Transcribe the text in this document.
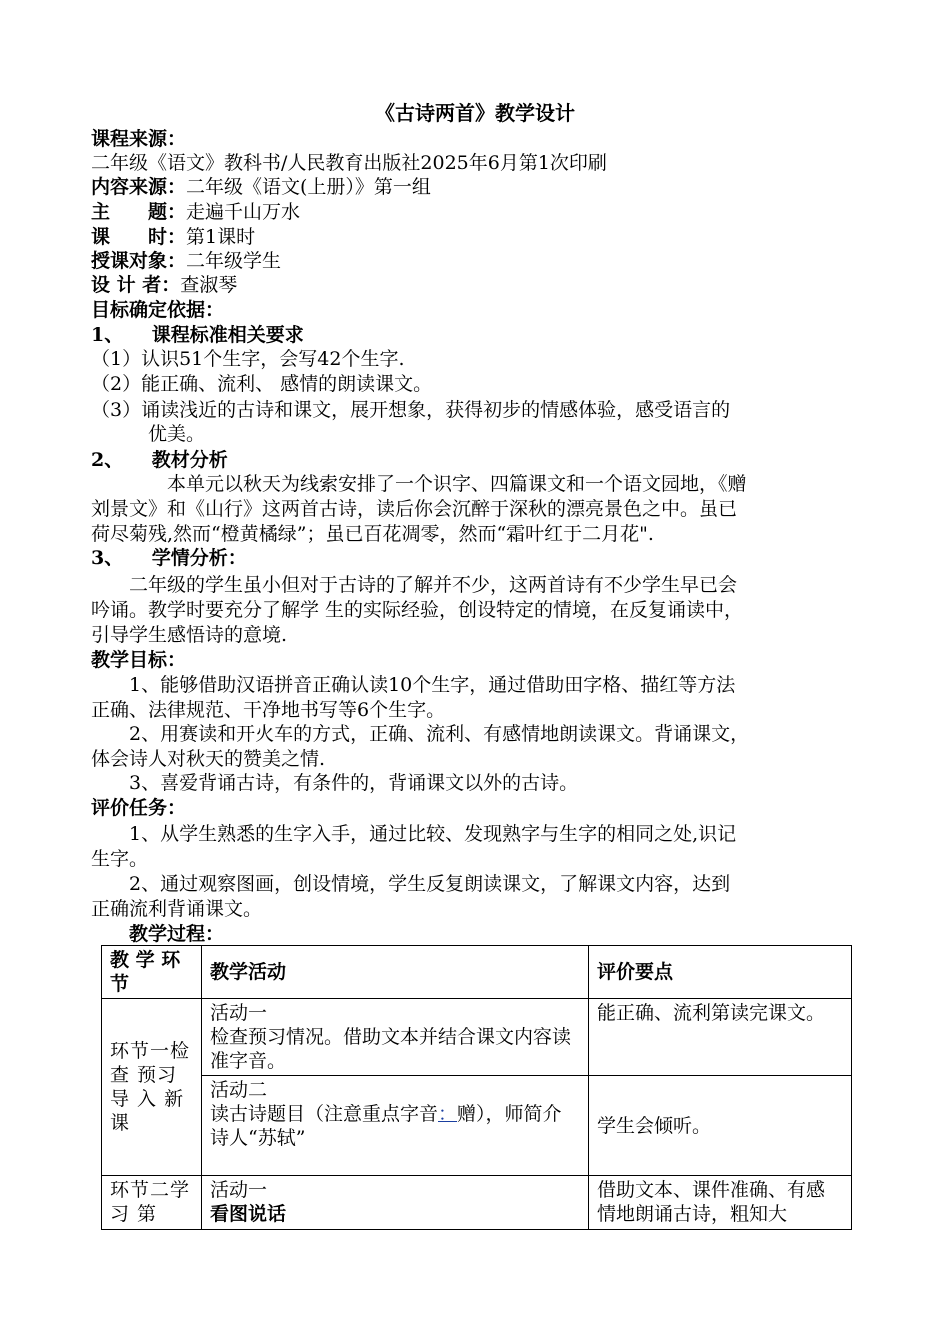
《古诗两首》教学设计
课程来源：
二年级《语文》教科书/人民教育出版社2025年6月第1次印刷
内容来源：二年级《语文(上册）》第一组
主　　题：走遍千山万水
课　　时：第1课时
授课对象：二年级学生
设 计 者：查淑琴
目标确定依据：
1、　　课程标准相关要求
（1）认识51个生字，会写42个生字.
（2）能正确、流利、 感情的朗读课文。
（3）诵读浅近的古诗和课文，展开想象，获得初步的情感体验，感受语言的
　　　优美。
2、　　教材分析
　　　　本单元以秋天为线索安排了一个识字、四篇课文和一个语文园地，《赠
刘景文》和《山行》这两首古诗，读后你会沉醉于深秋的漂亮景色之中。虽已
荷尽菊残,然而“橙黄橘绿”；虽已百花凋零，然而“霜叶红于二月花".
3、　　学情分析：
　　二年级的学生虽小但对于古诗的了解并不少，这两首诗有不少学生早已会
吟诵。教学时要充分了解学 生的实际经验，创设特定的情境，在反复诵读中，
引导学生感悟诗的意境.
教学目标：
　　1、能够借助汉语拼音正确认读10个生字，通过借助田字格、描红等方法
正确、法律规范、干净地书写等6个生字。
　　2、用赛读和开火车的方式，正确、流利、有感情地朗读课文。背诵课文，
体会诗人对秋天的赞美之情.
　　3、喜爱背诵古诗，有条件的，背诵课文以外的古诗。
评价任务：
　　1、从学生熟悉的生字入手，通过比较、发现熟字与生字的相同之处,识记
生字。
　　2、通过观察图画，创设情境，学生反复朗读课文，了解课文内容，达到
正确流利背诵课文。
　　教学过程：
教 学 环 节	教学活动	评价要点
环节一检 查 预习导 入 新课	活动一
检查预习情况。借助文本并结合课文内容读准字音。	能正确、流利第读完课文。

	活动二
读古诗题目（注意重点字音：赠），师简介诗人“苏轼”	学生会倾听。
环节二学 习 第	活动一
看图说话	借助文本、课件准确、有感情地朗诵古诗，粗知大
